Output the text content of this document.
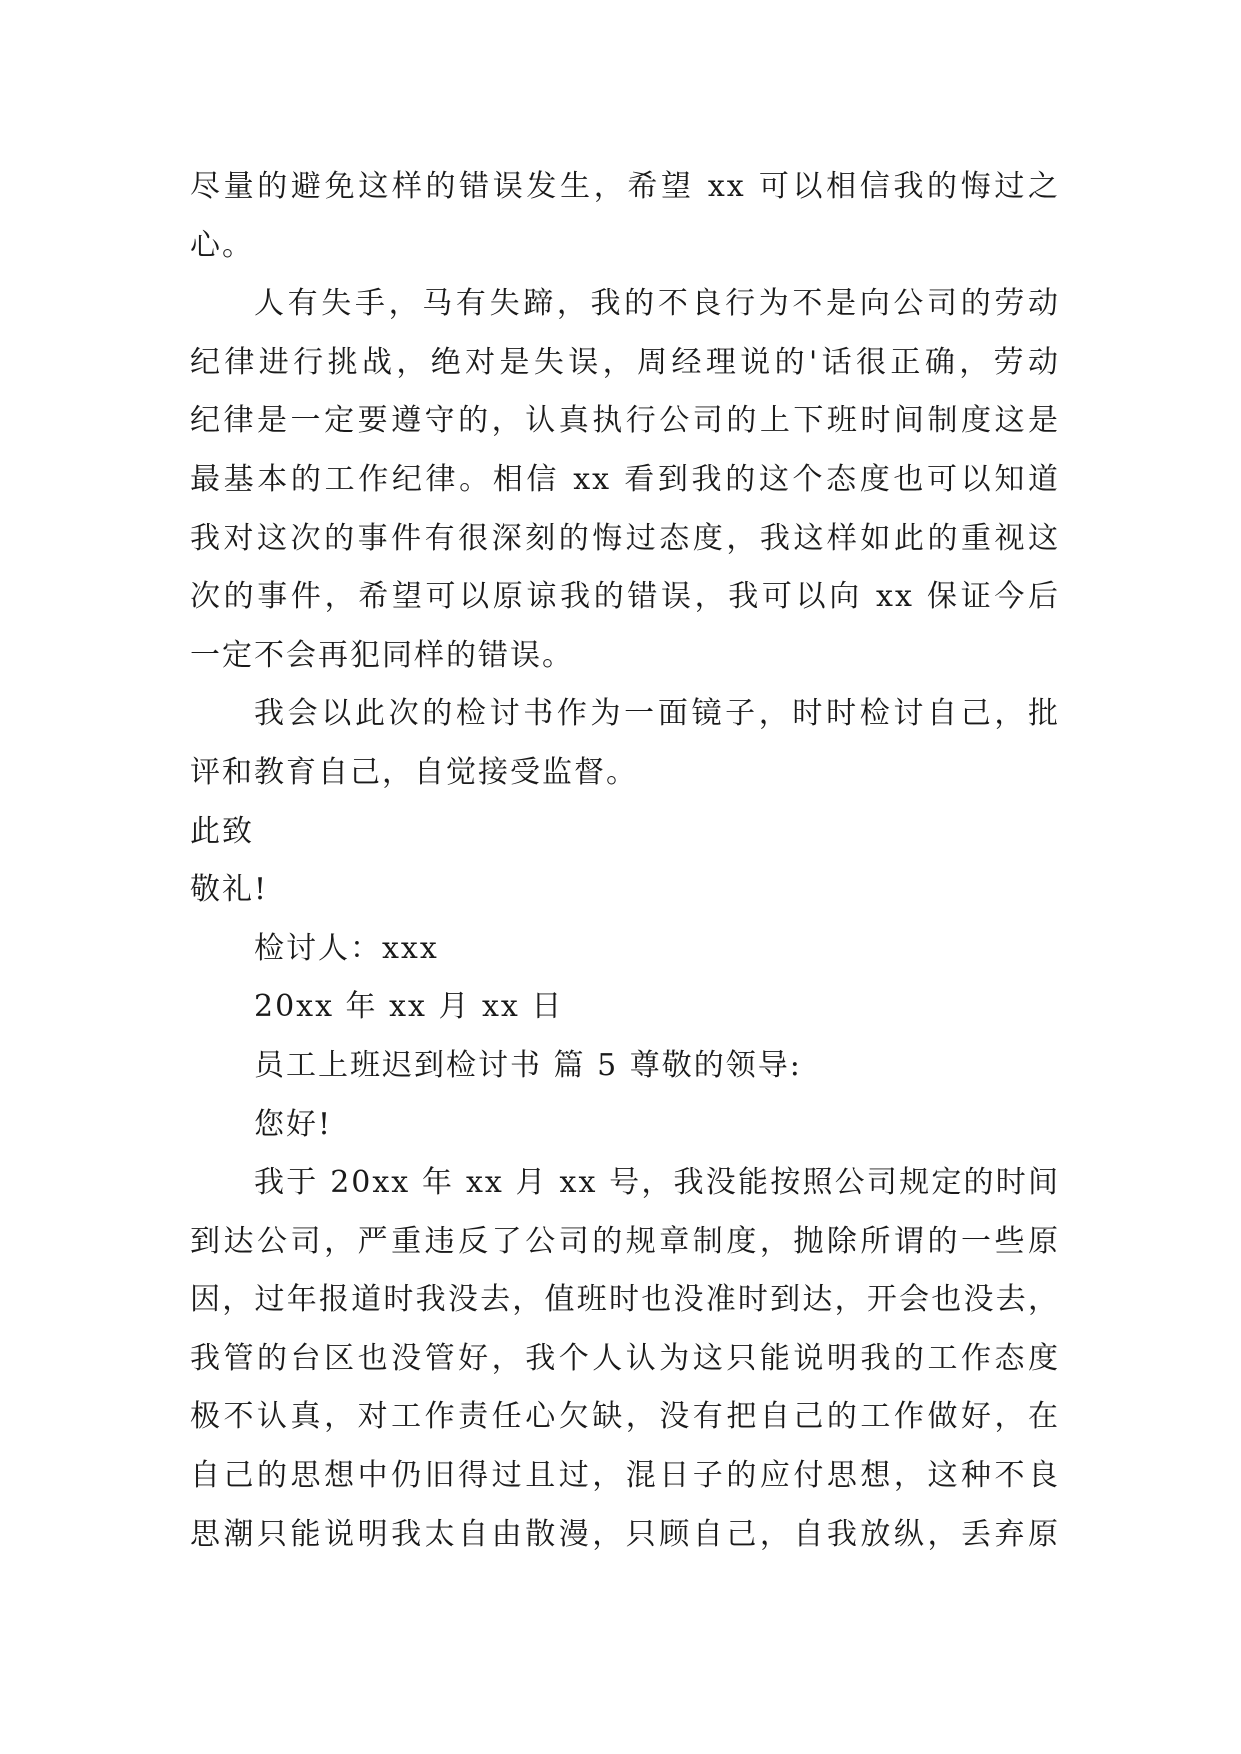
尽量的避免这样的错误发生，希望 xx 可以相信我的悔过之
心。
人有失手，马有失蹄，我的不良行为不是向公司的劳动
纪律进行挑战，绝对是失误，周经理说的'话很正确，劳动
纪律是一定要遵守的，认真执行公司的上下班时间制度这是
最基本的工作纪律。相信 xx 看到我的这个态度也可以知道
我对这次的事件有很深刻的悔过态度，我这样如此的重视这
次的事件，希望可以原谅我的错误，我可以向 xx 保证今后
一定不会再犯同样的错误。
我会以此次的检讨书作为一面镜子，时时检讨自己，批
评和教育自己，自觉接受监督。
此致
敬礼!
检讨人：xxx
20xx 年 xx 月 xx 日
员工上班迟到检讨书 篇 5 尊敬的领导:
您好!
我于 20xx 年 xx 月 xx 号，我没能按照公司规定的时间
到达公司，严重违反了公司的规章制度，抛除所谓的一些原
因，过年报道时我没去，值班时也没准时到达，开会也没去，
我管的台区也没管好，我个人认为这只能说明我的工作态度
极不认真，对工作责任心欠缺，没有把自己的工作做好，在
自己的思想中仍旧得过且过，混日子的应付思想，这种不良
思潮只能说明我太自由散漫，只顾自己，自我放纵，丢弃原
